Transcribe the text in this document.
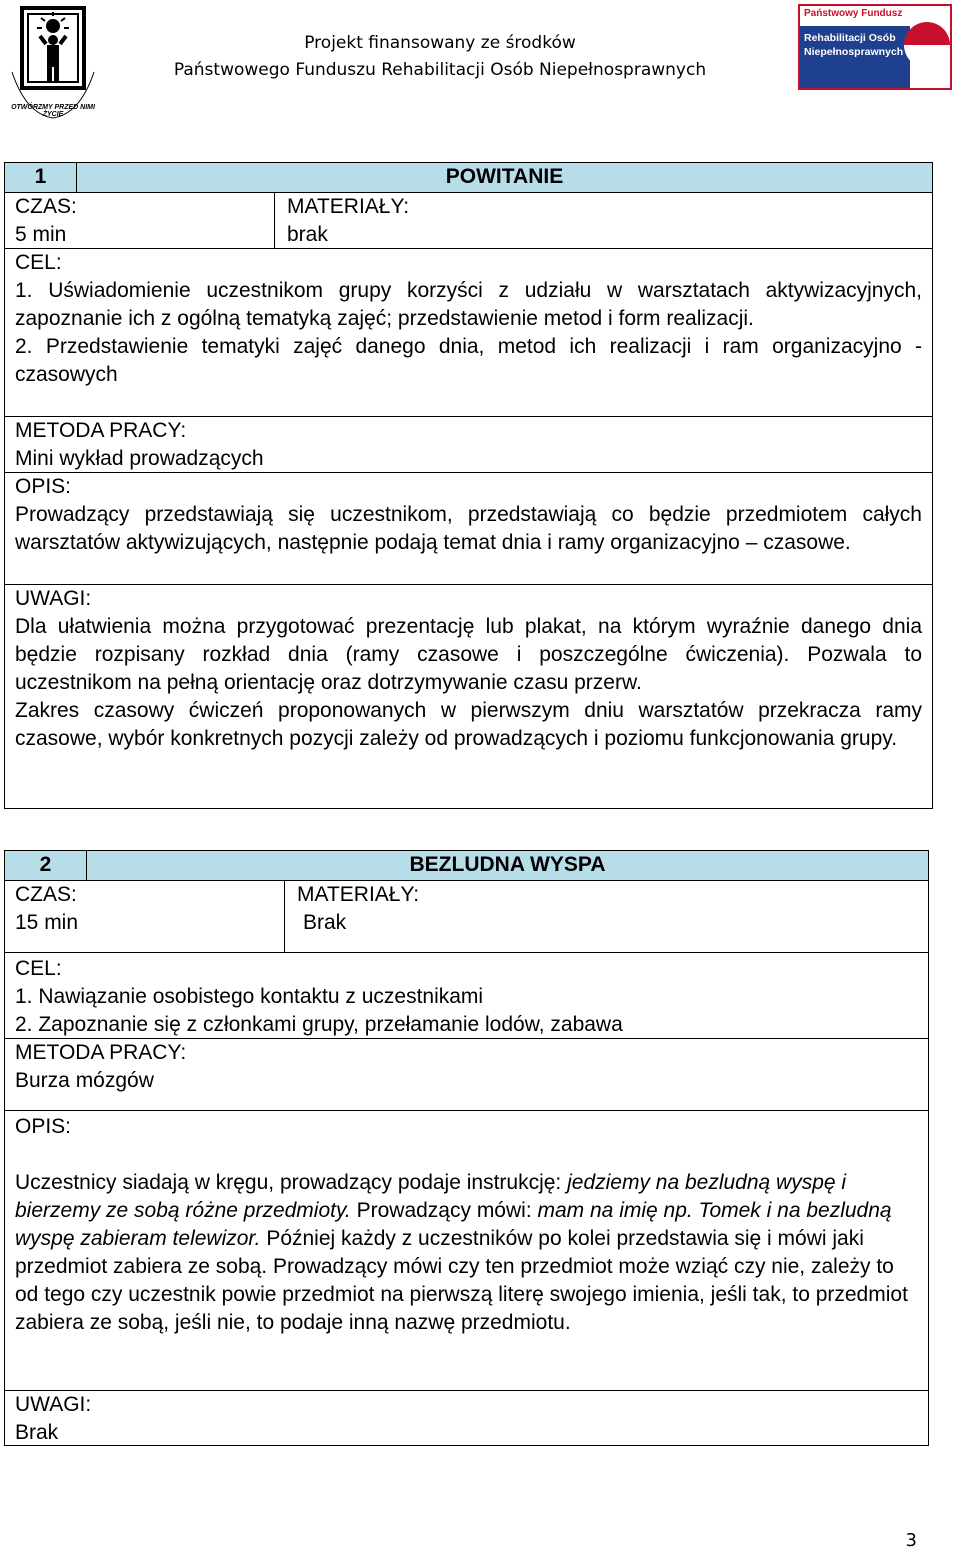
OTWÓRZMY PRZED NIMI ŻYCIE

Projekt finansowany ze środków

Państwowego Funduszu Rehabilitacji Osób Niepełnosprawnych

Państwowy Fundusz
Rehabilitacji Osób
Niepełnosprawnych
1	POWITANIE
CZAS:
5 min
MATERIAŁY:
brak
CEL:

1. Uświadomienie uczestnikom grupy korzyści z udziału w warsztatach aktywizacyjnych, zapoznanie ich z ogólną tematyką zajęć; przedstawienie metod i form realizacji.

2. Przedstawienie tematyki zajęć danego dnia, metod ich realizacji i ram organizacyjno - czasowych

METODA PRACY:
Mini wykład prowadzących
OPIS:

Prowadzący przedstawiają się uczestnikom, przedstawiają co będzie przedmiotem całych warsztatów aktywizujących, następnie podają temat dnia i ramy organizacyjno – czasowe.

UWAGI:

Dla ułatwienia można przygotować prezentację lub plakat, na którym wyraźnie danego dnia będzie rozpisany rozkład dnia (ramy czasowe i poszczególne ćwiczenia). Pozwala to uczestnikom na pełną orientację oraz dotrzymywanie czasu przerw.

Zakres czasowy ćwiczeń proponowanych w pierwszym dniu warsztatów przekracza ramy czasowe, wybór konkretnych pozycji zależy od prowadzących i poziomu funkcjonowania grupy.

2	BEZLUDNA WYSPA
CZAS:
15 min
MATERIAŁY:
Brak
CEL:

1. Nawiązanie osobistego kontaktu z uczestnikami

2. Zapoznanie się z członkami grupy, przełamanie lodów, zabawa

METODA PRACY:
Burza mózgów
OPIS:

Uczestnicy siadają w kręgu, prowadzący podaje instrukcję: jedziemy na bezludną wyspę i bierzemy ze sobą różne przedmioty. Prowadzący mówi: mam na imię np. Tomek i na bezludną wyspę zabieram telewizor. Później każdy z uczestników po kolei przedstawia się i mówi jaki przedmiot zabiera ze sobą. Prowadzący mówi czy ten przedmiot może wziąć czy nie, zależy to od tego czy uczestnik powie przedmiot na pierwszą literę swojego imienia, jeśli tak, to przedmiot zabiera ze sobą, jeśli nie, to podaje inną nazwę przedmiotu.

UWAGI:
Brak
3
